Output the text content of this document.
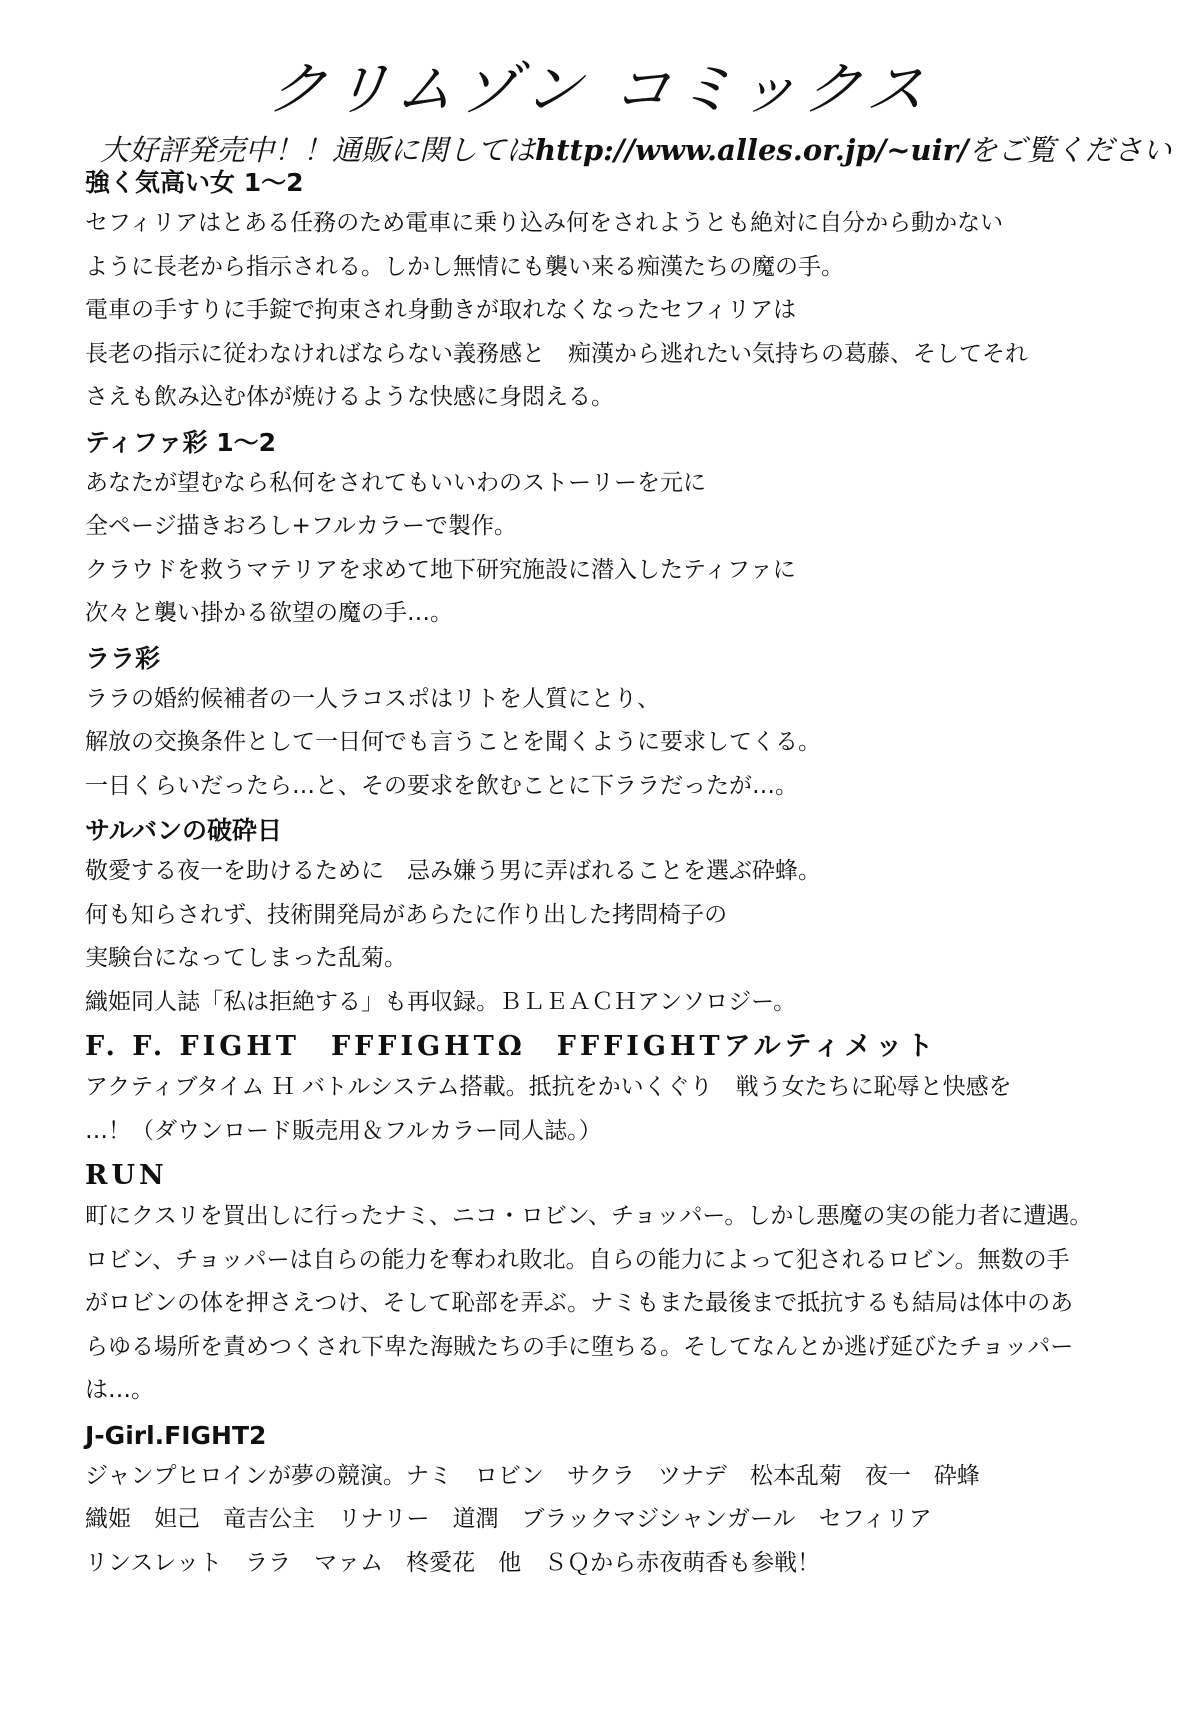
クリムゾン コミックス
大好評発売中！！通販に関してはhttp://www.alles.or.jp/~uir/をご覧ください
強く気高い女 1〜2
セフィリアはとある任務のため電車に乗り込み何をされようとも絶対に自分から動かない
ように長老から指示される。しかし無情にも襲い来る痴漢たちの魔の手。
電車の手すりに手錠で拘束され身動きが取れなくなったセフィリアは
長老の指示に従わなければならない義務感と　痴漢から逃れたい気持ちの葛藤、そしてそれ
さえも飲み込む体が焼けるような快感に身悶える。
ティファ彩 1〜2
あなたが望むなら私何をされてもいいわのストーリーを元に
全ページ描きおろし+フルカラーで製作。
クラウドを救うマテリアを求めて地下研究施設に潜入したティファに
次々と襲い掛かる欲望の魔の手…。
ララ彩
ララの婚約候補者の一人ラコスポはリトを人質にとり、
解放の交換条件として一日何でも言うことを聞くように要求してくる。
一日くらいだったら…と、その要求を飲むことに下ララだったが…。
サルバンの破砕日
敬愛する夜一を助けるために　忌み嫌う男に弄ばれることを選ぶ砕蜂。
何も知らされず、技術開発局があらたに作り出した拷問椅子の
実験台になってしまった乱菊。
織姫同人誌「私は拒絶する」も再収録。ＢＬＥＡＣＨアンソロジー。
F. F. FIGHT　FFFIGHTΩ　FFFIGHTアルティメット
アクティブタイム Ｈ バトルシステム搭載。抵抗をかいくぐり　戦う女たちに恥辱と快感を
…！（ダウンロード販売用＆フルカラー同人誌。）
RUN
町にクスリを買出しに行ったナミ、ニコ・ロビン、チョッパー。しかし悪魔の実の能力者に遭遇。
ロビン、チョッパーは自らの能力を奪われ敗北。自らの能力によって犯されるロビン。無数の手
がロビンの体を押さえつけ、そして恥部を弄ぶ。ナミもまた最後まで抵抗するも結局は体中のあ
らゆる場所を責めつくされ下卑た海賊たちの手に堕ちる。そしてなんとか逃げ延びたチョッパー
は…。
J-Girl.FIGHT2
ジャンプヒロインが夢の競演。ナミ　ロビン　サクラ　ツナデ　松本乱菊　夜一　砕蜂
織姫　妲己　竜吉公主　リナリー　道潤　ブラックマジシャンガール　セフィリア
リンスレット　ララ　マァム　柊愛花　他　ＳＱから赤夜萌香も参戦！
